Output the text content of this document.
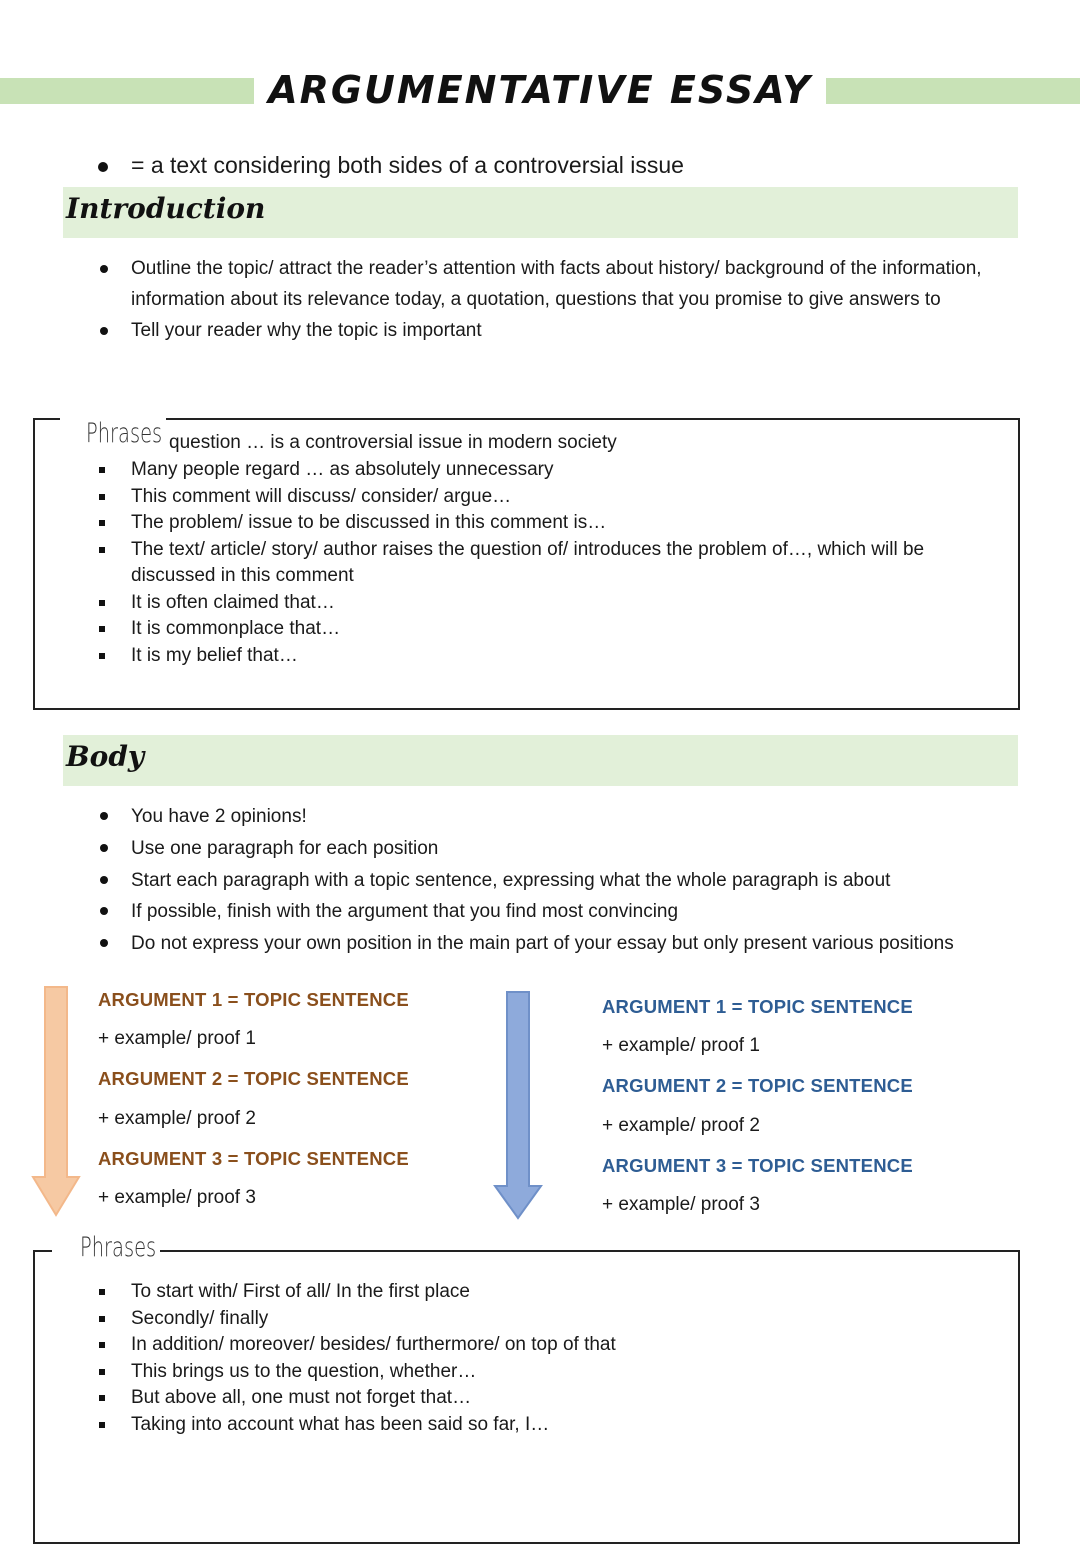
ARGUMENTATIVE ESSAY
= a text considering both sides of a controversial issue
Introduction
Outline the topic/ attract the reader’s attention with facts about history/ background of the information, information about its relevance today, a quotation, questions that you promise to give answers to
Tell your reader why the topic is important
Phrases question … is a controversial issue in modern society
Many people regard … as absolutely unnecessary
This comment will discuss/ consider/ argue…
The problem/ issue to be discussed in this comment is…
The text/ article/ story/ author raises the question of/ introduces the problem of…, which will be discussed in this comment
It is often claimed that…
It is commonplace that…
It is my belief that…
Body
You have 2 opinions!
Use one paragraph for each position
Start each paragraph with a topic sentence, expressing what the whole paragraph is about
If possible, finish with the argument that you find most convincing
Do not express your own position in the main part of your essay but only present various positions
ARGUMENT 1 = TOPIC SENTENCE
+ example/ proof 1
ARGUMENT 2 = TOPIC SENTENCE
+ example/ proof 2
ARGUMENT 3 = TOPIC SENTENCE
+ example/ proof 3
ARGUMENT 1 = TOPIC SENTENCE
+ example/ proof 1
ARGUMENT 2 = TOPIC SENTENCE
+ example/ proof 2
ARGUMENT 3 = TOPIC SENTENCE
+ example/ proof 3
Phrases
To start with/ First of all/ In the first place
Secondly/ finally
In addition/ moreover/ besides/ furthermore/ on top of that
This brings us to the question, whether…
But above all, one must not forget that…
Taking into account what has been said so far, I…
